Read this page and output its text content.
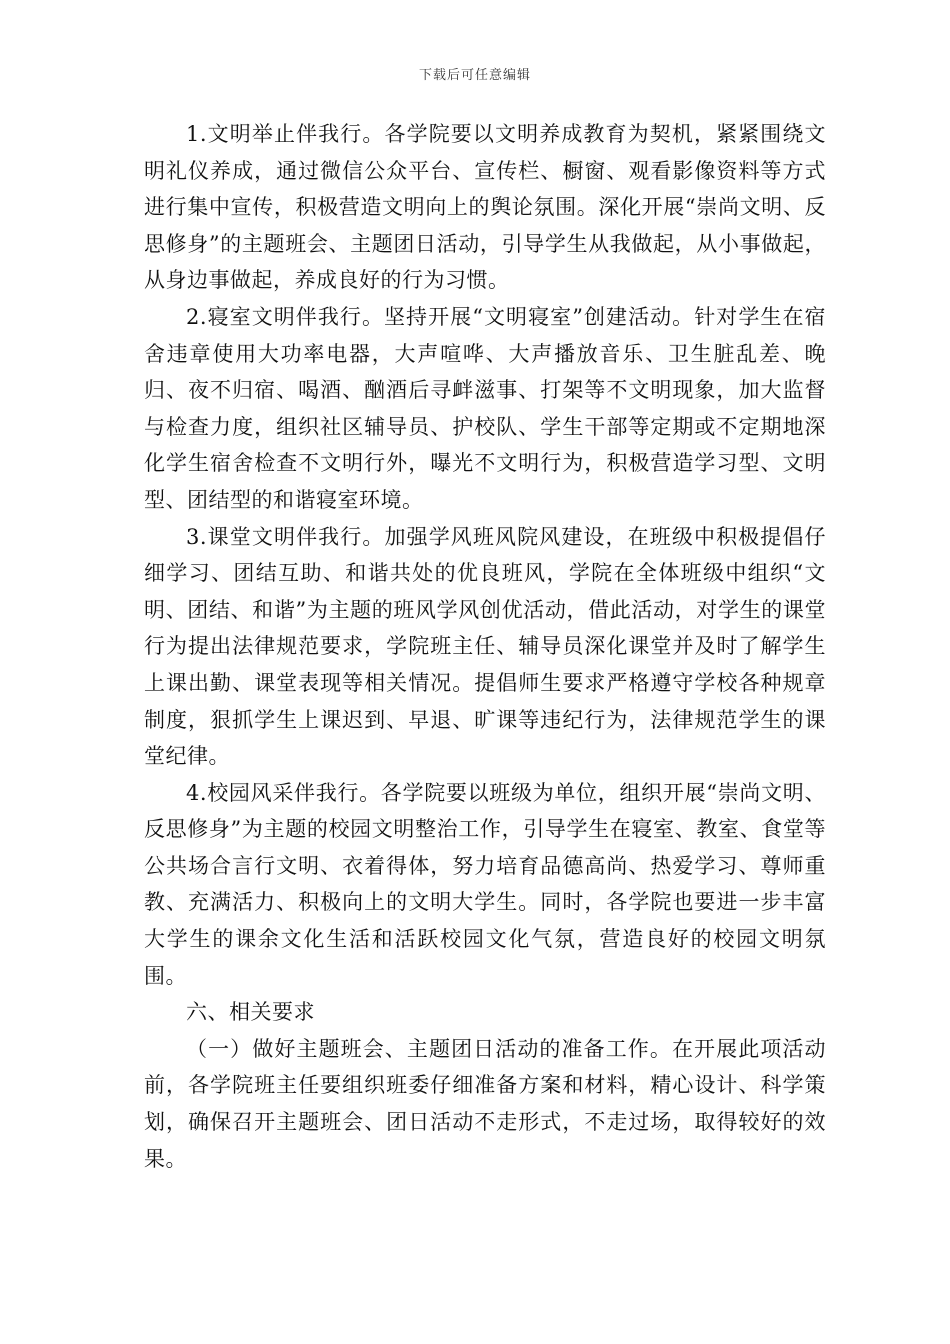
下载后可任意编辑

1.文明举止伴我行。各学院要以文明养成教育为契机，紧紧围绕文明礼仪养成，通过微信公众平台、宣传栏、橱窗、观看影像资料等方式进行集中宣传，积极营造文明向上的舆论氛围。深化开展“崇尚文明、反思修身”的主题班会、主题团日活动，引导学生从我做起，从小事做起，从身边事做起，养成良好的行为习惯。

2.寝室文明伴我行。坚持开展“文明寝室”创建活动。针对学生在宿舍违章使用大功率电器，大声喧哗、大声播放音乐、卫生脏乱差、晚归、夜不归宿、喝酒、酗酒后寻衅滋事、打架等不文明现象，加大监督与检查力度，组织社区辅导员、护校队、学生干部等定期或不定期地深化学生宿舍检查不文明行外，曝光不文明行为，积极营造学习型、文明型、团结型的和谐寝室环境。

3.课堂文明伴我行。加强学风班风院风建设，在班级中积极提倡仔细学习、团结互助、和谐共处的优良班风，学院在全体班级中组织“文明、团结、和谐”为主题的班风学风创优活动，借此活动，对学生的课堂行为提出法律规范要求，学院班主任、辅导员深化课堂并及时了解学生上课出勤、课堂表现等相关情况。提倡师生要求严格遵守学校各种规章制度，狠抓学生上课迟到、早退、旷课等违纪行为，法律规范学生的课堂纪律。

4.校园风采伴我行。各学院要以班级为单位，组织开展“崇尚文明、反思修身”为主题的校园文明整治工作，引导学生在寝室、教室、食堂等公共场合言行文明、衣着得体，努力培育品德高尚、热爱学习、尊师重教、充满活力、积极向上的文明大学生。同时，各学院也要进一步丰富大学生的课余文化生活和活跃校园文化气氛，营造良好的校园文明氛围。

六、相关要求

（一）做好主题班会、主题团日活动的准备工作。在开展此项活动前，各学院班主任要组织班委仔细准备方案和材料，精心设计、科学策划，确保召开主题班会、团日活动不走形式，不走过场，取得较好的效果。
